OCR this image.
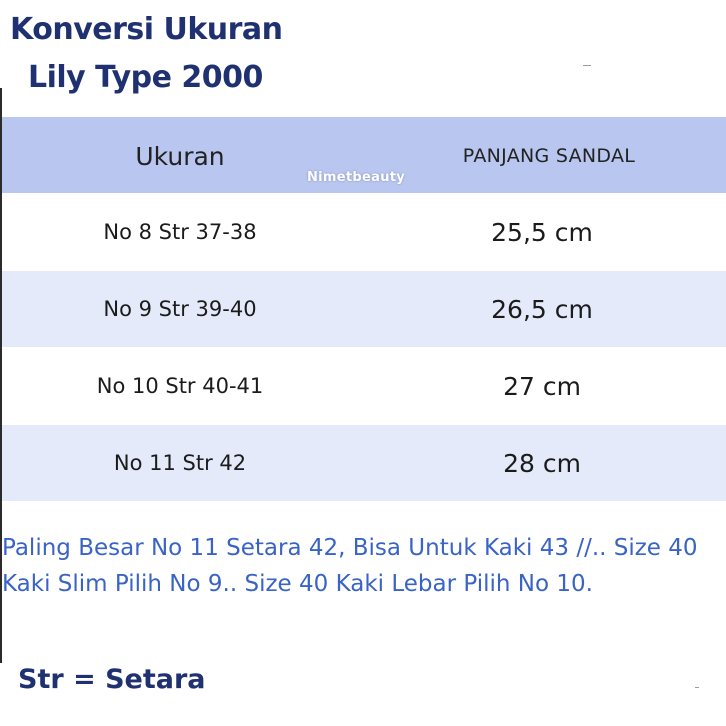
Konversi Ukuran
Lily Type 2000
Ukuran	PANJANG SANDAL
No 8 Str 37-38	25,5 cm
No 9 Str 39-40	26,5 cm
No 10 Str 40-41	27 cm
No 11 Str 42	28 cm
Nimetbeauty

Paling Besar No 11 Setara 42, Bisa Untuk Kaki 43 //.. Size 40 Kaki Slim Pilih No 9.. Size 40 Kaki Lebar Pilih No 10.

Str = Setara
